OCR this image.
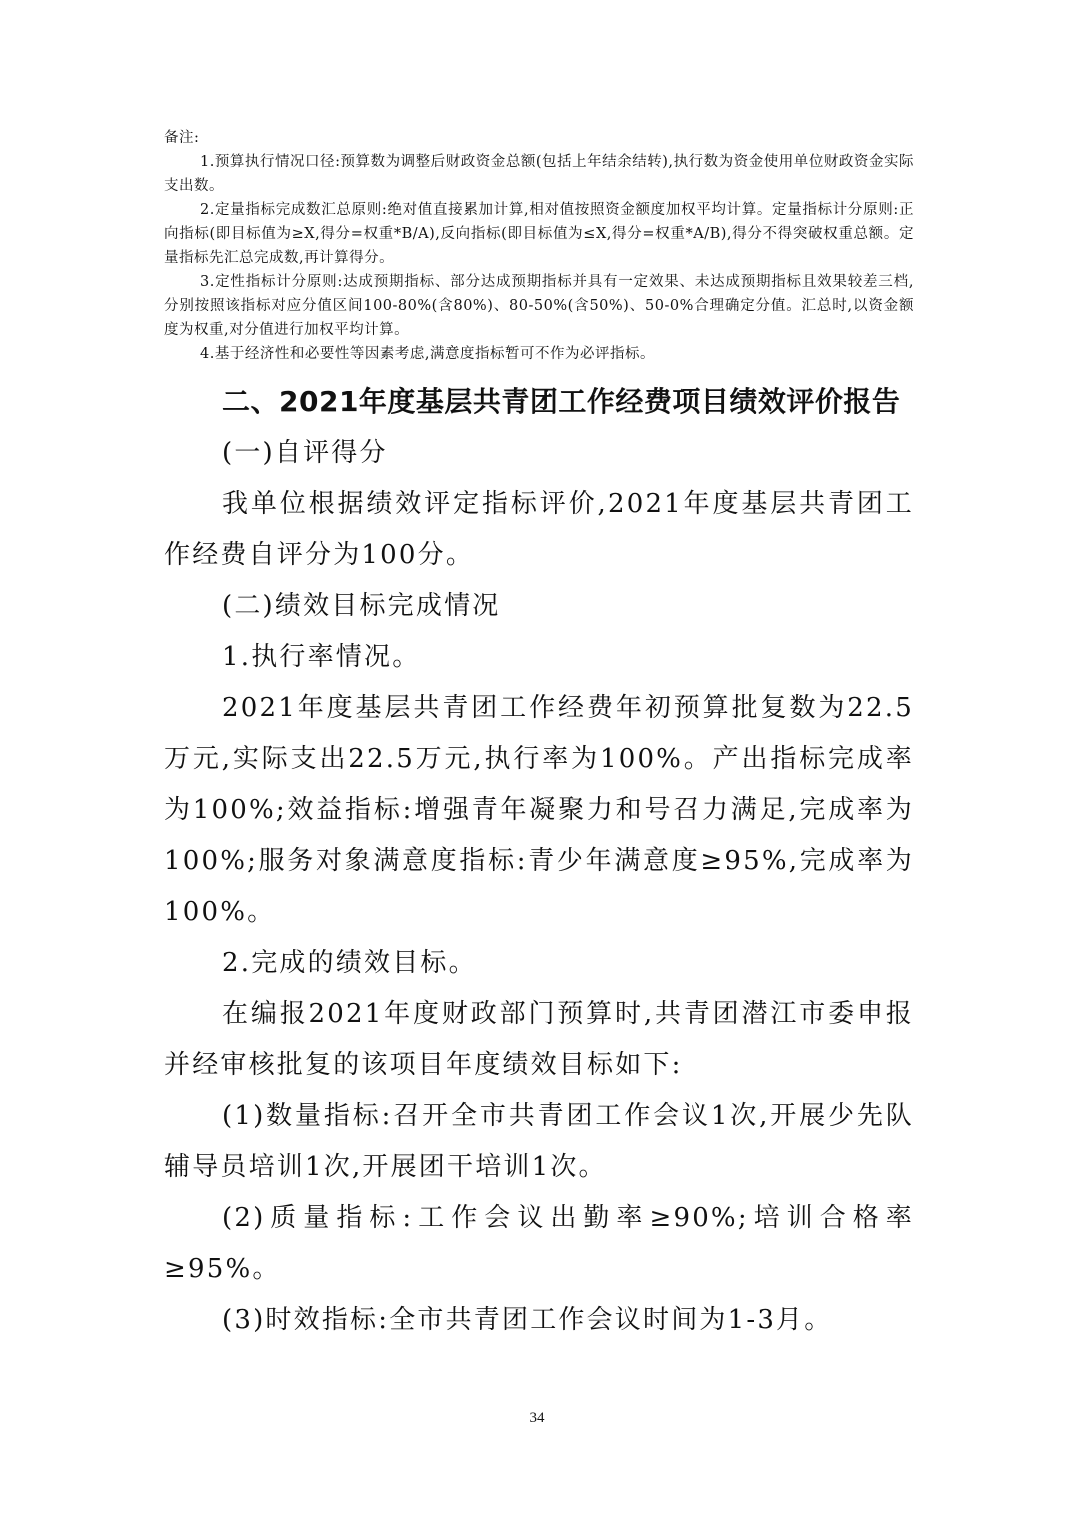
备注:

1.预算执行情况口径:预算数为调整后财政资金总额(包括上年结余结转),执行数为资金使用单位财政资金实际支出数。

2.定量指标完成数汇总原则:绝对值直接累加计算,相对值按照资金额度加权平均计算。定量指标计分原则:正向指标(即目标值为≥X,得分=权重*B/A),反向指标(即目标值为≤X,得分=权重*A/B),得分不得突破权重总额。定量指标先汇总完成数,再计算得分。

3.定性指标计分原则:达成预期指标、部分达成预期指标并具有一定效果、未达成预期指标且效果较差三档,分别按照该指标对应分值区间100-80%(含80%)、80-50%(含50%)、50-0%合理确定分值。汇总时,以资金额度为权重,对分值进行加权平均计算。

4.基于经济性和必要性等因素考虑,满意度指标暂可不作为必评指标。

二、2021年度基层共青团工作经费项目绩效评价报告

(一)自评得分

我单位根据绩效评定指标评价,2021年度基层共青团工作经费自评分为100分。

(二)绩效目标完成情况

1.执行率情况。

2021年度基层共青团工作经费年初预算批复数为22.5万元,实际支出22.5万元,执行率为100%。产出指标完成率为100%;效益指标:增强青年凝聚力和号召力满足,完成率为100%;服务对象满意度指标:青少年满意度≥95%,完成率为100%。

2.完成的绩效目标。

在编报2021年度财政部门预算时,共青团潜江市委申报并经审核批复的该项目年度绩效目标如下:

(1)数量指标:召开全市共青团工作会议1次,开展少先队辅导员培训1次,开展团干培训1次。

(2)质量指标:工作会议出勤率≥90%;培训合格率≥95%。

(3)时效指标:全市共青团工作会议时间为1-3月。

34
